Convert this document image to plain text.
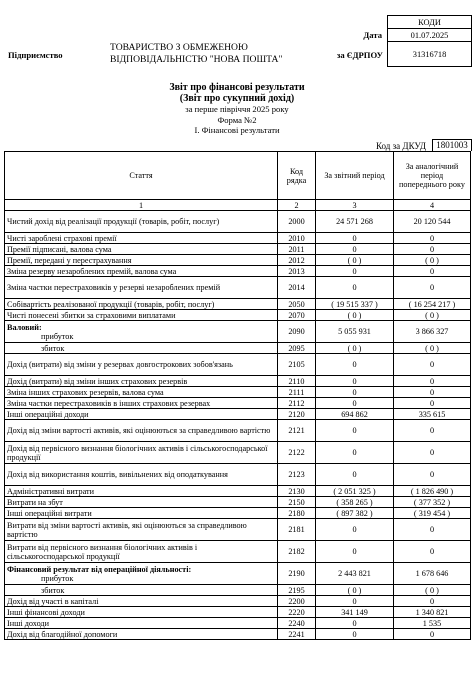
КОДИ
01.07.2025
31316718
Дата
за ЄДРПОУ
Підприємство
ТОВАРИСТВО З ОБМЕЖЕНОЮ
ВІДПОВІДАЛЬНІСТЮ "НОВА ПОШТА"
Звіт про фінансові результати
(Звіт про сукупний дохід)
за перше півріччя 2025 року
Форма №2
І. Фінансові результати
Код за ДКУД	1801003
Стаття	Код рядка	За звітний період	За аналогічний період попереднього року
1	2	3	4

Чистий дохід від реалізації продукції (товарів, робіт, послуг)	2000	24 571 268	20 120 544

Чисті зароблені страхові премії	2010	0	0

Премії підписані, валова сума	2011	0	0

Премії, передані у перестрахування	2012	( 0 )	( 0 )

Зміна резерву незароблених премій, валова сума	2013	0	0

Зміна частки перестраховиків у резерві незароблених премій	2014	0	0

Собівартість реалізованої продукції (товарів, робіт, послуг)	2050	( 19 515 337 )	( 16 254 217 )

Чисті понесені збитки за страховими виплатами	2070	( 0 )	( 0 )

Валовий:
прибуток	2090	5 055 931	3 866 327

збиток	2095	( 0 )	( 0 )

Дохід (витрати) від зміни у резервах довгострокових зобов'язань	2105	0	0

Дохід (витрати) від зміни інших страхових резервів	2110	0	0

Зміна інших страхових резервів, валова сума	2111	0	0

Зміна частки перестраховиків в інших страхових резервах	2112	0	0

Інші операційні доходи	2120	694 862	335 615

Дохід від зміни вартості активів, які оцінюються за справедливою вартістю	2121	0	0

Дохід від первісного визнання біологічних активів і сільськогосподарської продукції	2122	0	0

Дохід від використання коштів, вивільнених від оподаткування	2123	0	0

Адміністративні витрати	2130	( 2 051 325 )	( 1 826 490 )

Витрати на збут	2150	( 358 265 )	( 377 352 )

Інші операційні витрати	2180	( 897 382 )	( 319 454 )

Витрати від зміни вартості активів, які оцінюються за справедливою вартістю	2181	0	0

Витрати від первісного визнання біологічних активів і сільськогосподарської продукції	2182	0	0

Фінансовий результат від операційної діяльності:
прибуток	2190	2 443 821	1 678 646

збиток	2195	( 0 )	( 0 )

Дохід від участі в капіталі	2200	0	0

Інші фінансові доходи	2220	341 149	1 340 821

Інші доходи	2240	0	1 535

Дохід від благодійної допомоги	2241	0	0
